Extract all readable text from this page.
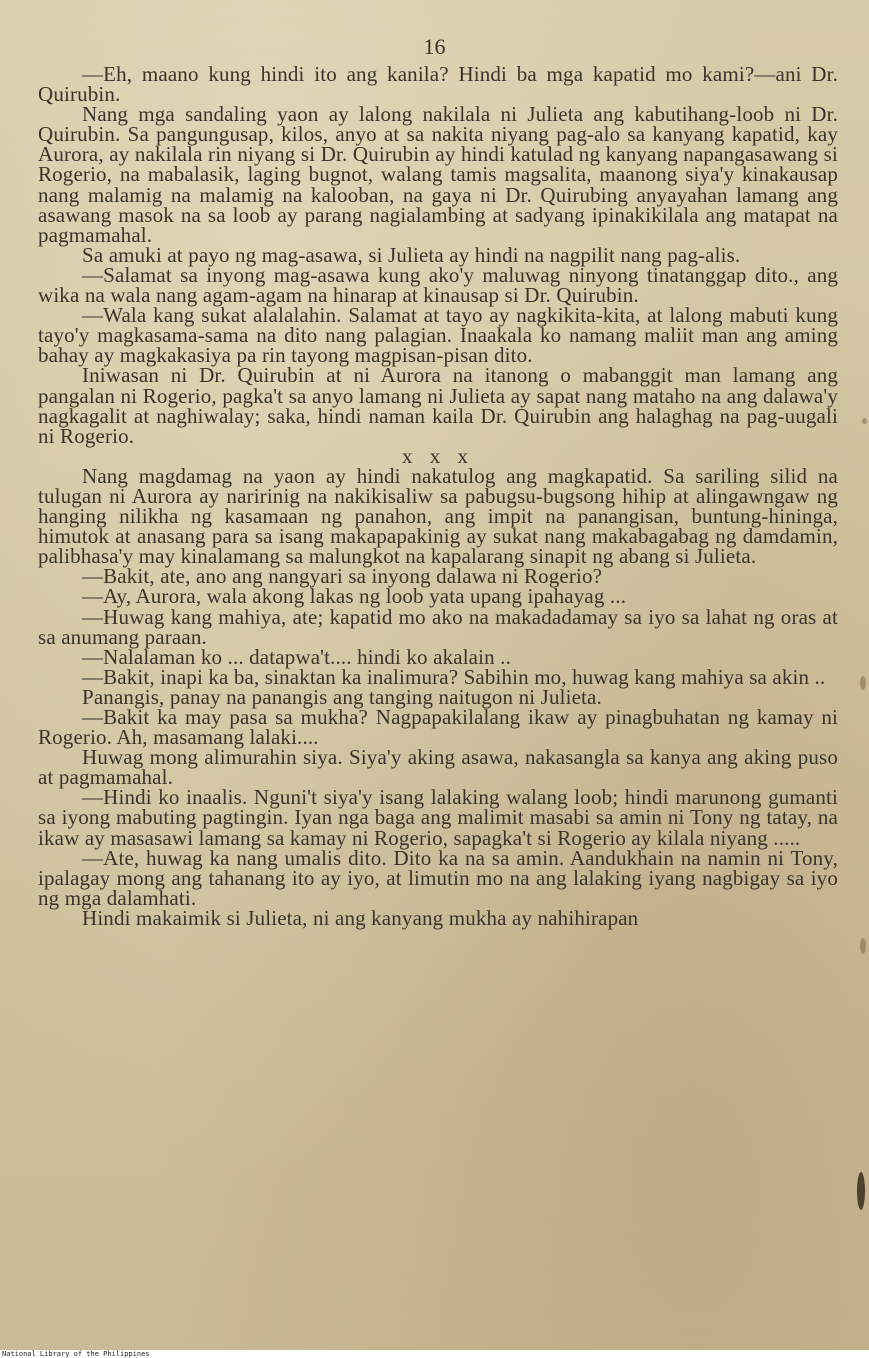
16

—Eh, maano kung hindi ito ang kanila? Hindi ba mga kapatid mo kami?—ani Dr. Quirubin.

Nang mga sandaling yaon ay lalong nakilala ni Julieta ang kabutihang-loob ni Dr. Quirubin. Sa pangungusap, kilos, anyo at sa nakita niyang pag-alo sa kanyang kapatid, kay Aurora, ay nakilala rin niyang si Dr. Quirubin ay hindi katulad ng kanyang napangasawang si Rogerio, na mabalasik, laging bugnot, walang tamis magsalita, maanong siya'y kinakausap nang malamig na malamig na kalooban, na gaya ni Dr. Quirubing anyayahan lamang ang asawang masok na sa loob ay parang nagialambing at sadyang ipinakikilala ang matapat na pagmamahal.

Sa amuki at payo ng mag-asawa, si Julieta ay hindi na nagpilit nang pag-alis.

—Salamat sa inyong mag-asawa kung ako'y maluwag ninyong tinatanggap dito., ang wika na wala nang agam-agam na hinarap at kinausap si Dr. Quirubin.

—Wala kang sukat alalalahin. Salamat at tayo ay nagkikita-kita, at lalong mabuti kung tayo'y magkasama-sama na dito nang palagian. Inaakala ko namang maliit man ang aming bahay ay magkakasiya pa rin tayong magpisan-pisan dito.

Iniwasan ni Dr. Quirubin at ni Aurora na itanong o mabanggit man lamang ang pangalan ni Rogerio, pagka't sa anyo lamang ni Julieta ay sapat nang mataho na ang dalawa'y nagkagalit at naghiwalay; saka, hindi naman kaila Dr. Quirubin ang halaghag na pag-uugali ni Rogerio.

x x x

Nang magdamag na yaon ay hindi nakatulog ang magkapatid. Sa sariling silid na tulugan ni Aurora ay naririnig na nakikisaliw sa pabugsu-bugsong hihip at alingawngaw ng hanging nilikha ng kasamaan ng panahon, ang impit na panangisan, buntung-hininga, himutok at anasang para sa isang makapapakinig ay sukat nang makabagabag ng damdamin, palibhasa'y may kinalamang sa malungkot na kapalarang sinapit ng abang si Julieta.

—Bakit, ate, ano ang nangyari sa inyong dalawa ni Rogerio?

—Ay, Aurora, wala akong lakas ng loob yata upang ipahayag ...

—Huwag kang mahiya, ate; kapatid mo ako na makadadamay sa iyo sa lahat ng oras at sa anumang paraan.

—Nalalaman ko ... datapwa't.... hindi ko akalain ..

—Bakit, inapi ka ba, sinaktan ka inalimura? Sabihin mo, huwag kang mahiya sa akin ..

Panangis, panay na panangis ang tanging naitugon ni Julieta.

—Bakit ka may pasa sa mukha? Nagpapakilalang ikaw ay pinagbuhatan ng kamay ni Rogerio. Ah, masamang lalaki....

Huwag mong alimurahin siya. Siya'y aking asawa, nakasangla sa kanya ang aking puso at pagmamahal.

—Hindi ko inaalis. Nguni't siya'y isang lalaking walang loob; hindi marunong gumanti sa iyong mabuting pagtingin. Iyan nga baga ang malimit masabi sa amin ni Tony ng tatay, na ikaw ay masasawi lamang sa kamay ni Rogerio, sapagka't si Rogerio ay kilala niyang .....

—Ate, huwag ka nang umalis dito. Dito ka na sa amin. Aandukhain na namin ni Tony, ipalagay mong ang tahanang ito ay iyo, at limutin mo na ang lalaking iyang nagbigay sa iyo ng mga dalamhati.

Hindi makaimik si Julieta, ni ang kanyang mukha ay nahihirapan

National Library of the Philippines
